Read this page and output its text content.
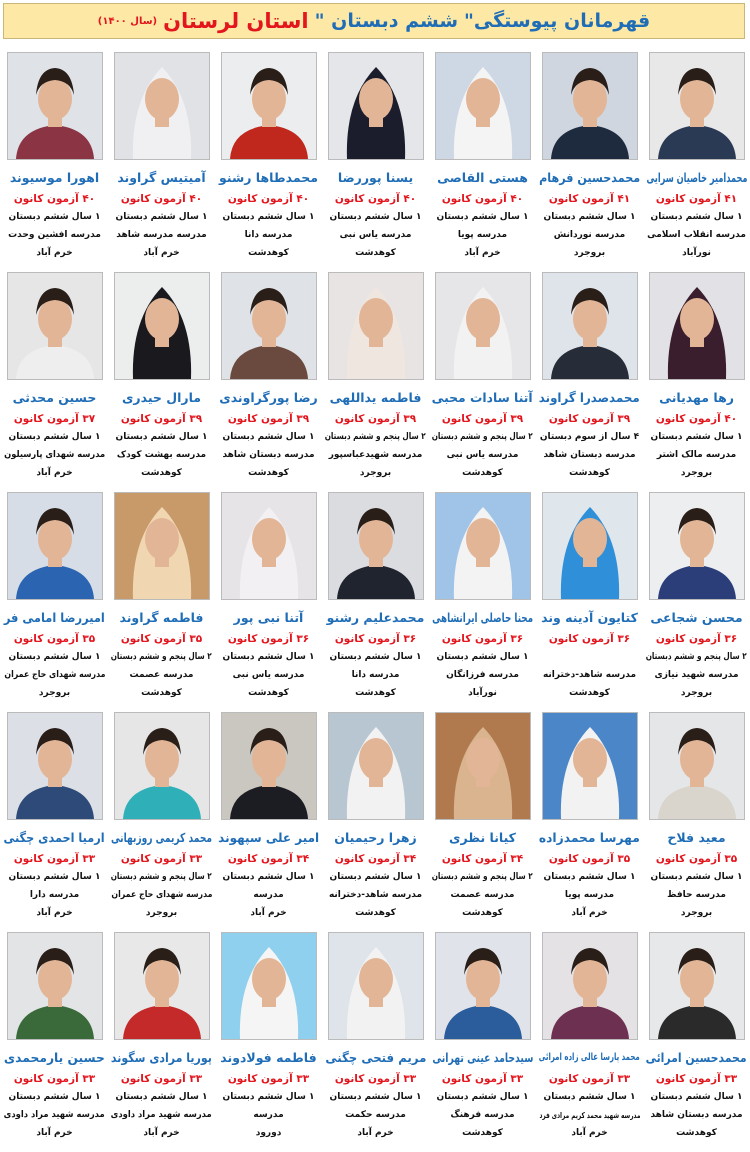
قهرمانان پیوستگی"
ششم دبستان "
استان لرستان
(سال ۱۴۰۰)
محمدامیر خاصیان سرایی
۴۱ آزمون کانون
۱ سال ششم دبستان
مدرسه انقلاب اسلامی
نورآباد
محمدحسین فرهام
۴۱ آزمون کانون
۱ سال ششم دبستان
مدرسه نوردانش
بروجرد
هستی القاصی
۴۰ آزمون کانون
۱ سال ششم دبستان
مدرسه پویا
خرم آباد
یسنا پوررضا
۴۰ آزمون کانون
۱ سال ششم دبستان
مدرسه یاس نبی
کوهدشت
محمدطاها رشنو
۴۰ آزمون کانون
۱ سال ششم دبستان
مدرسه دانا
کوهدشت
آمیتیس گراوند
۴۰ آزمون کانون
۱ سال ششم دبستان
مدرسه مدرسه شاهد
خرم آباد
اهورا موسیوند
۴۰ آزمون کانون
۱ سال ششم دبستان
مدرسه افشین وحدت
خرم آباد
رها مهدیانی
۴۰ آزمون کانون
۱ سال ششم دبستان
مدرسه مالک اشتر
بروجرد
محمدصدرا گراوند
۳۹ آزمون کانون
۴ سال از سوم دبستان
مدرسه دبستان شاهد
کوهدشت
آتنا سادات محبی
۳۹ آزمون کانون
۲ سال پنجم و ششم دبستان
مدرسه یاس نبی
کوهدشت
فاطمه یداللهی
۳۹ آزمون کانون
۲ سال پنجم و ششم دبستان
مدرسه شهیدعباسپور
بروجرد
رضا پورگراوندی
۳۹ آزمون کانون
۱ سال ششم دبستان
مدرسه دبستان شاهد
کوهدشت
مارال حیدری
۳۹ آزمون کانون
۱ سال ششم دبستان
مدرسه بهشت کودک
کوهدشت
حسین محدثی
۳۷ آزمون کانون
۱ سال ششم دبستان
مدرسه شهدای پارسیلون
خرم آباد
محسن شجاعی
۳۶ آزمون کانون
۲ سال پنجم و ششم دبستان
مدرسه شهید نیازی
بروجرد
کتایون آدینه وند
۳۶ آزمون کانون
مدرسه شاهد-دخترانه
کوهدشت
محنا حاصلی ایرانشاهی
۳۶ آزمون کانون
۱ سال ششم دبستان
مدرسه فرزانگان
نورآباد
محمدعلیم رشنو
۳۶ آزمون کانون
۱ سال ششم دبستان
مدرسه دانا
کوهدشت
آتنا نبی پور
۳۶ آزمون کانون
۱ سال ششم دبستان
مدرسه یاس نبی
کوهدشت
فاطمه گراوند
۳۵ آزمون کانون
۲ سال پنجم و ششم دبستان
مدرسه عصمت
کوهدشت
امیررضا امامی فر
۳۵ آزمون کانون
۱ سال ششم دبستان
مدرسه شهدای حاج عمران
بروجرد
معید فلاح
۳۵ آزمون کانون
۱ سال ششم دبستان
مدرسه حافظ
بروجرد
مهرسا محمدزاده
۳۵ آزمون کانون
۱ سال ششم دبستان
مدرسه پویا
خرم آباد
کیانا نظری
۳۴ آزمون کانون
۲ سال پنجم و ششم دبستان
مدرسه عصمت
کوهدشت
زهرا رحیمیان
۳۴ آزمون کانون
۱ سال ششم دبستان
مدرسه شاهد-دخترانه
کوهدشت
امیر علی سپهوند
۳۴ آزمون کانون
۱ سال ششم دبستان
مدرسه
خرم آباد
محمد کریمی روزبهانی
۳۳ آزمون کانون
۲ سال پنجم و ششم دبستان
مدرسه شهدای حاج عمران
بروجرد
ارمیا احمدی چگنی
۳۳ آزمون کانون
۱ سال ششم دبستان
مدرسه دارا
خرم آباد
محمدحسین امرائی
۳۳ آزمون کانون
۱ سال ششم دبستان
مدرسه دبستان شاهد
کوهدشت
محمد پارسا عالی زاده امرائی
۳۳ آزمون کانون
۱ سال ششم دبستان
مدرسه شهید محمد کریم مرادی فرد
خرم آباد
سیدحامد عینی تهرانی
۳۳ آزمون کانون
۱ سال ششم دبستان
مدرسه فرهنگ
کوهدشت
مریم فتحی چگنی
۳۳ آزمون کانون
۱ سال ششم دبستان
مدرسه حکمت
خرم آباد
فاطمه فولادوند
۳۳ آزمون کانون
۱ سال ششم دبستان
مدرسه
دورود
پوریا مرادی سگوند
۳۳ آزمون کانون
۱ سال ششم دبستان
مدرسه شهید مراد داودی
خرم آباد
حسین یارمحمدی
۳۳ آزمون کانون
۱ سال ششم دبستان
مدرسه شهید مراد داودی
خرم آباد
